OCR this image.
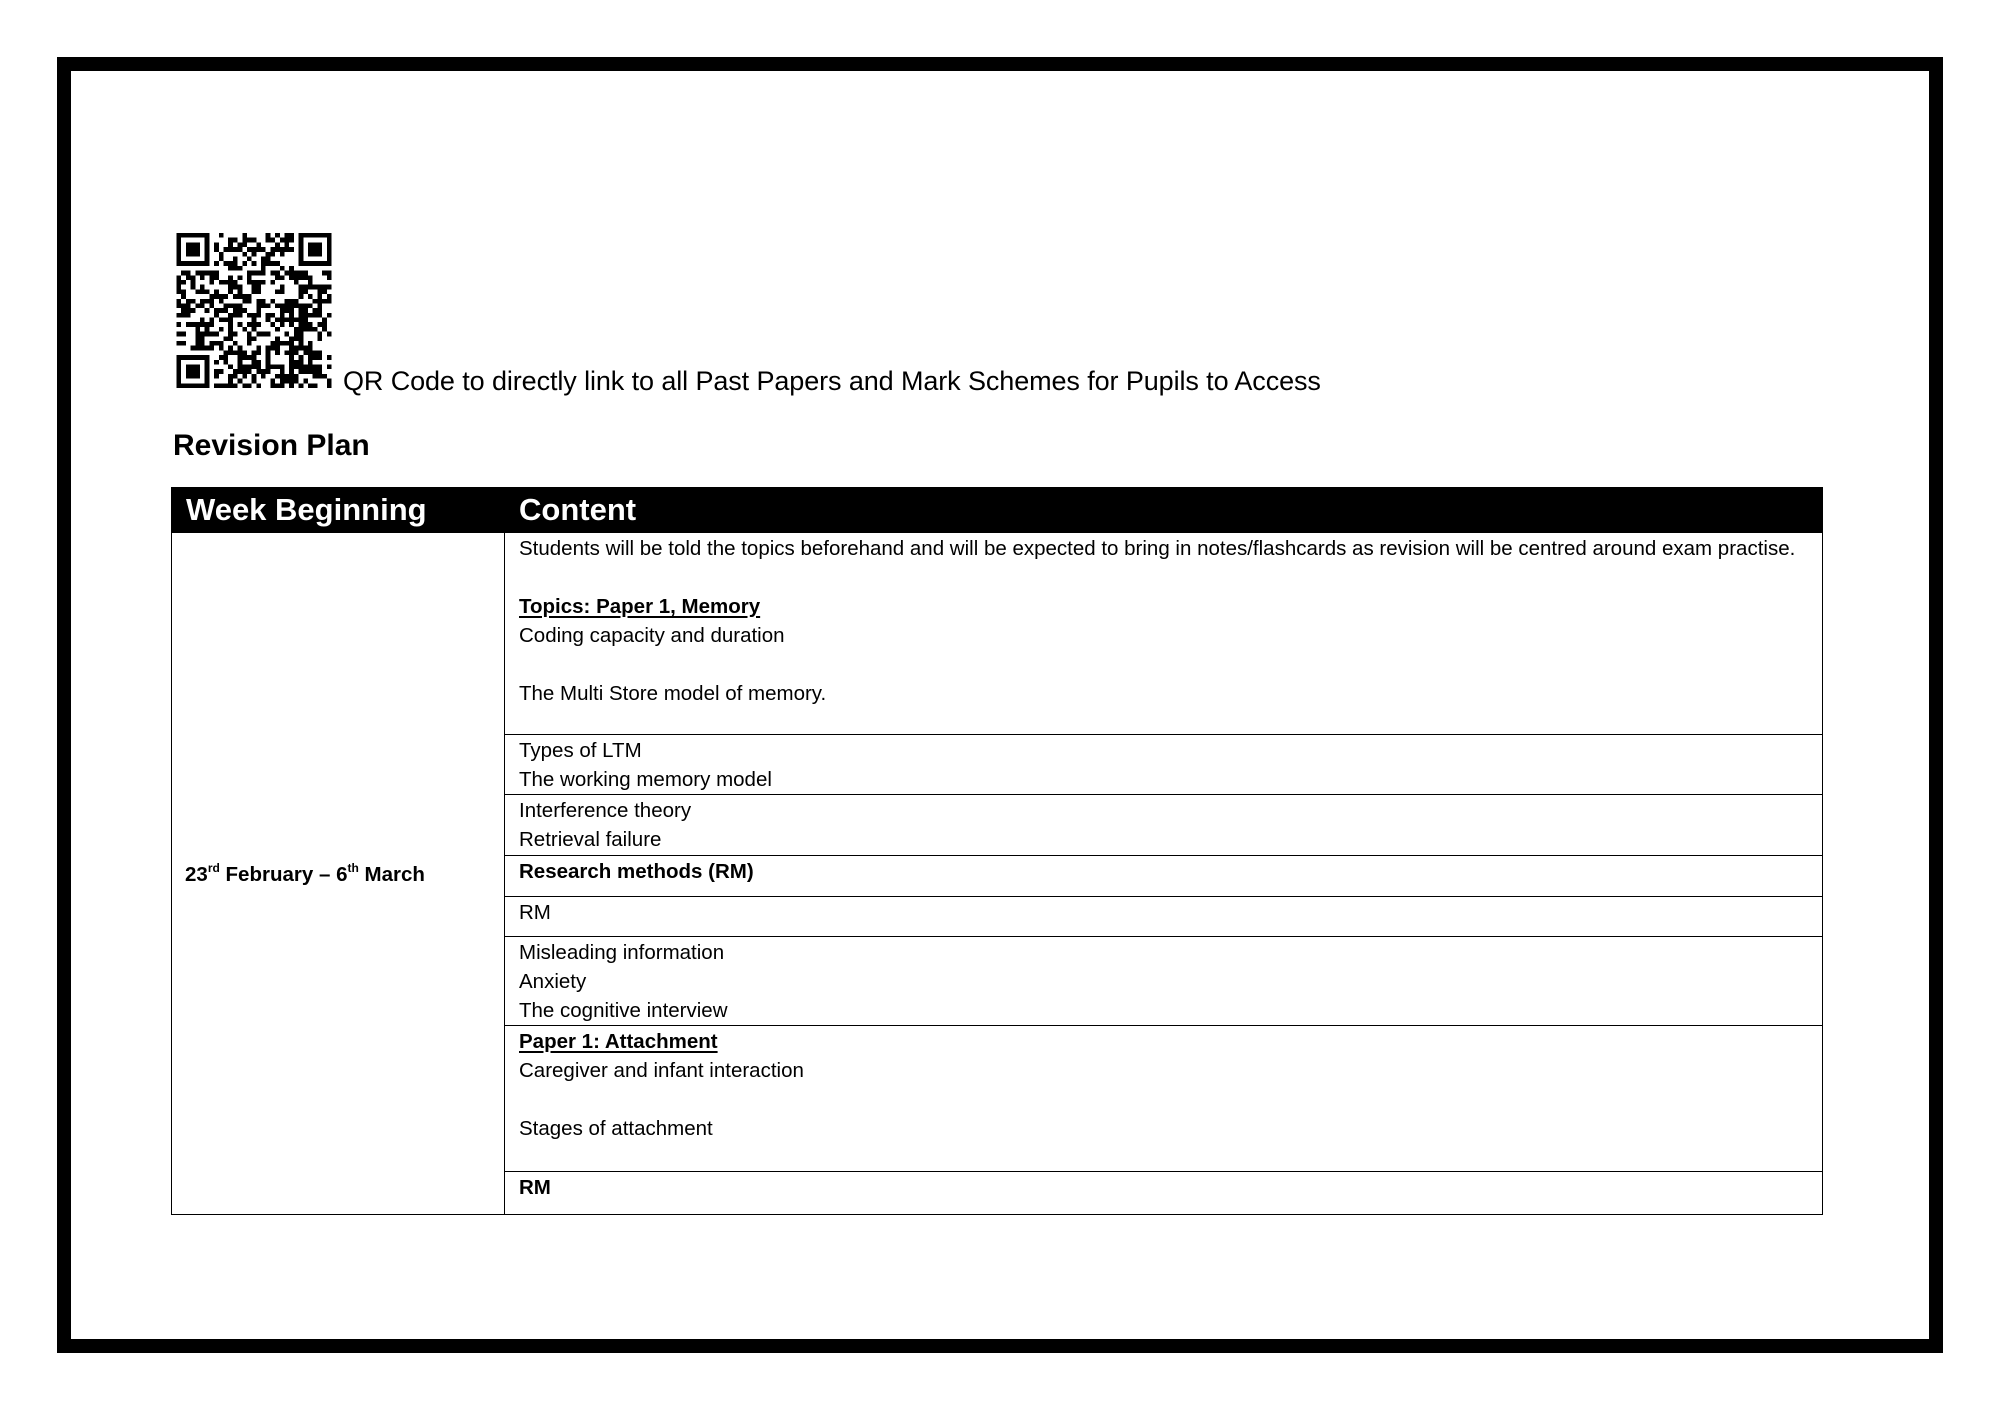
QR Code to directly link to all Past Papers and Mark Schemes for Pupils to Access
Revision Plan
Week Beginning	Content
23rd February – 6th March	Students will be told the topics beforehand and will be expected to bring in notes/flashcards as revision will be centred around exam practise.
Topics: Paper 1, Memory
Coding capacity and duration
The Multi Store model of memory.

	Types of LTM
The working memory model

	Interference theory
Retrieval failure

	Research methods (RM)

	RM

	Misleading information
Anxiety
The cognitive interview

	Paper 1: Attachment
Caregiver and infant interaction
Stages of attachment

	RM
